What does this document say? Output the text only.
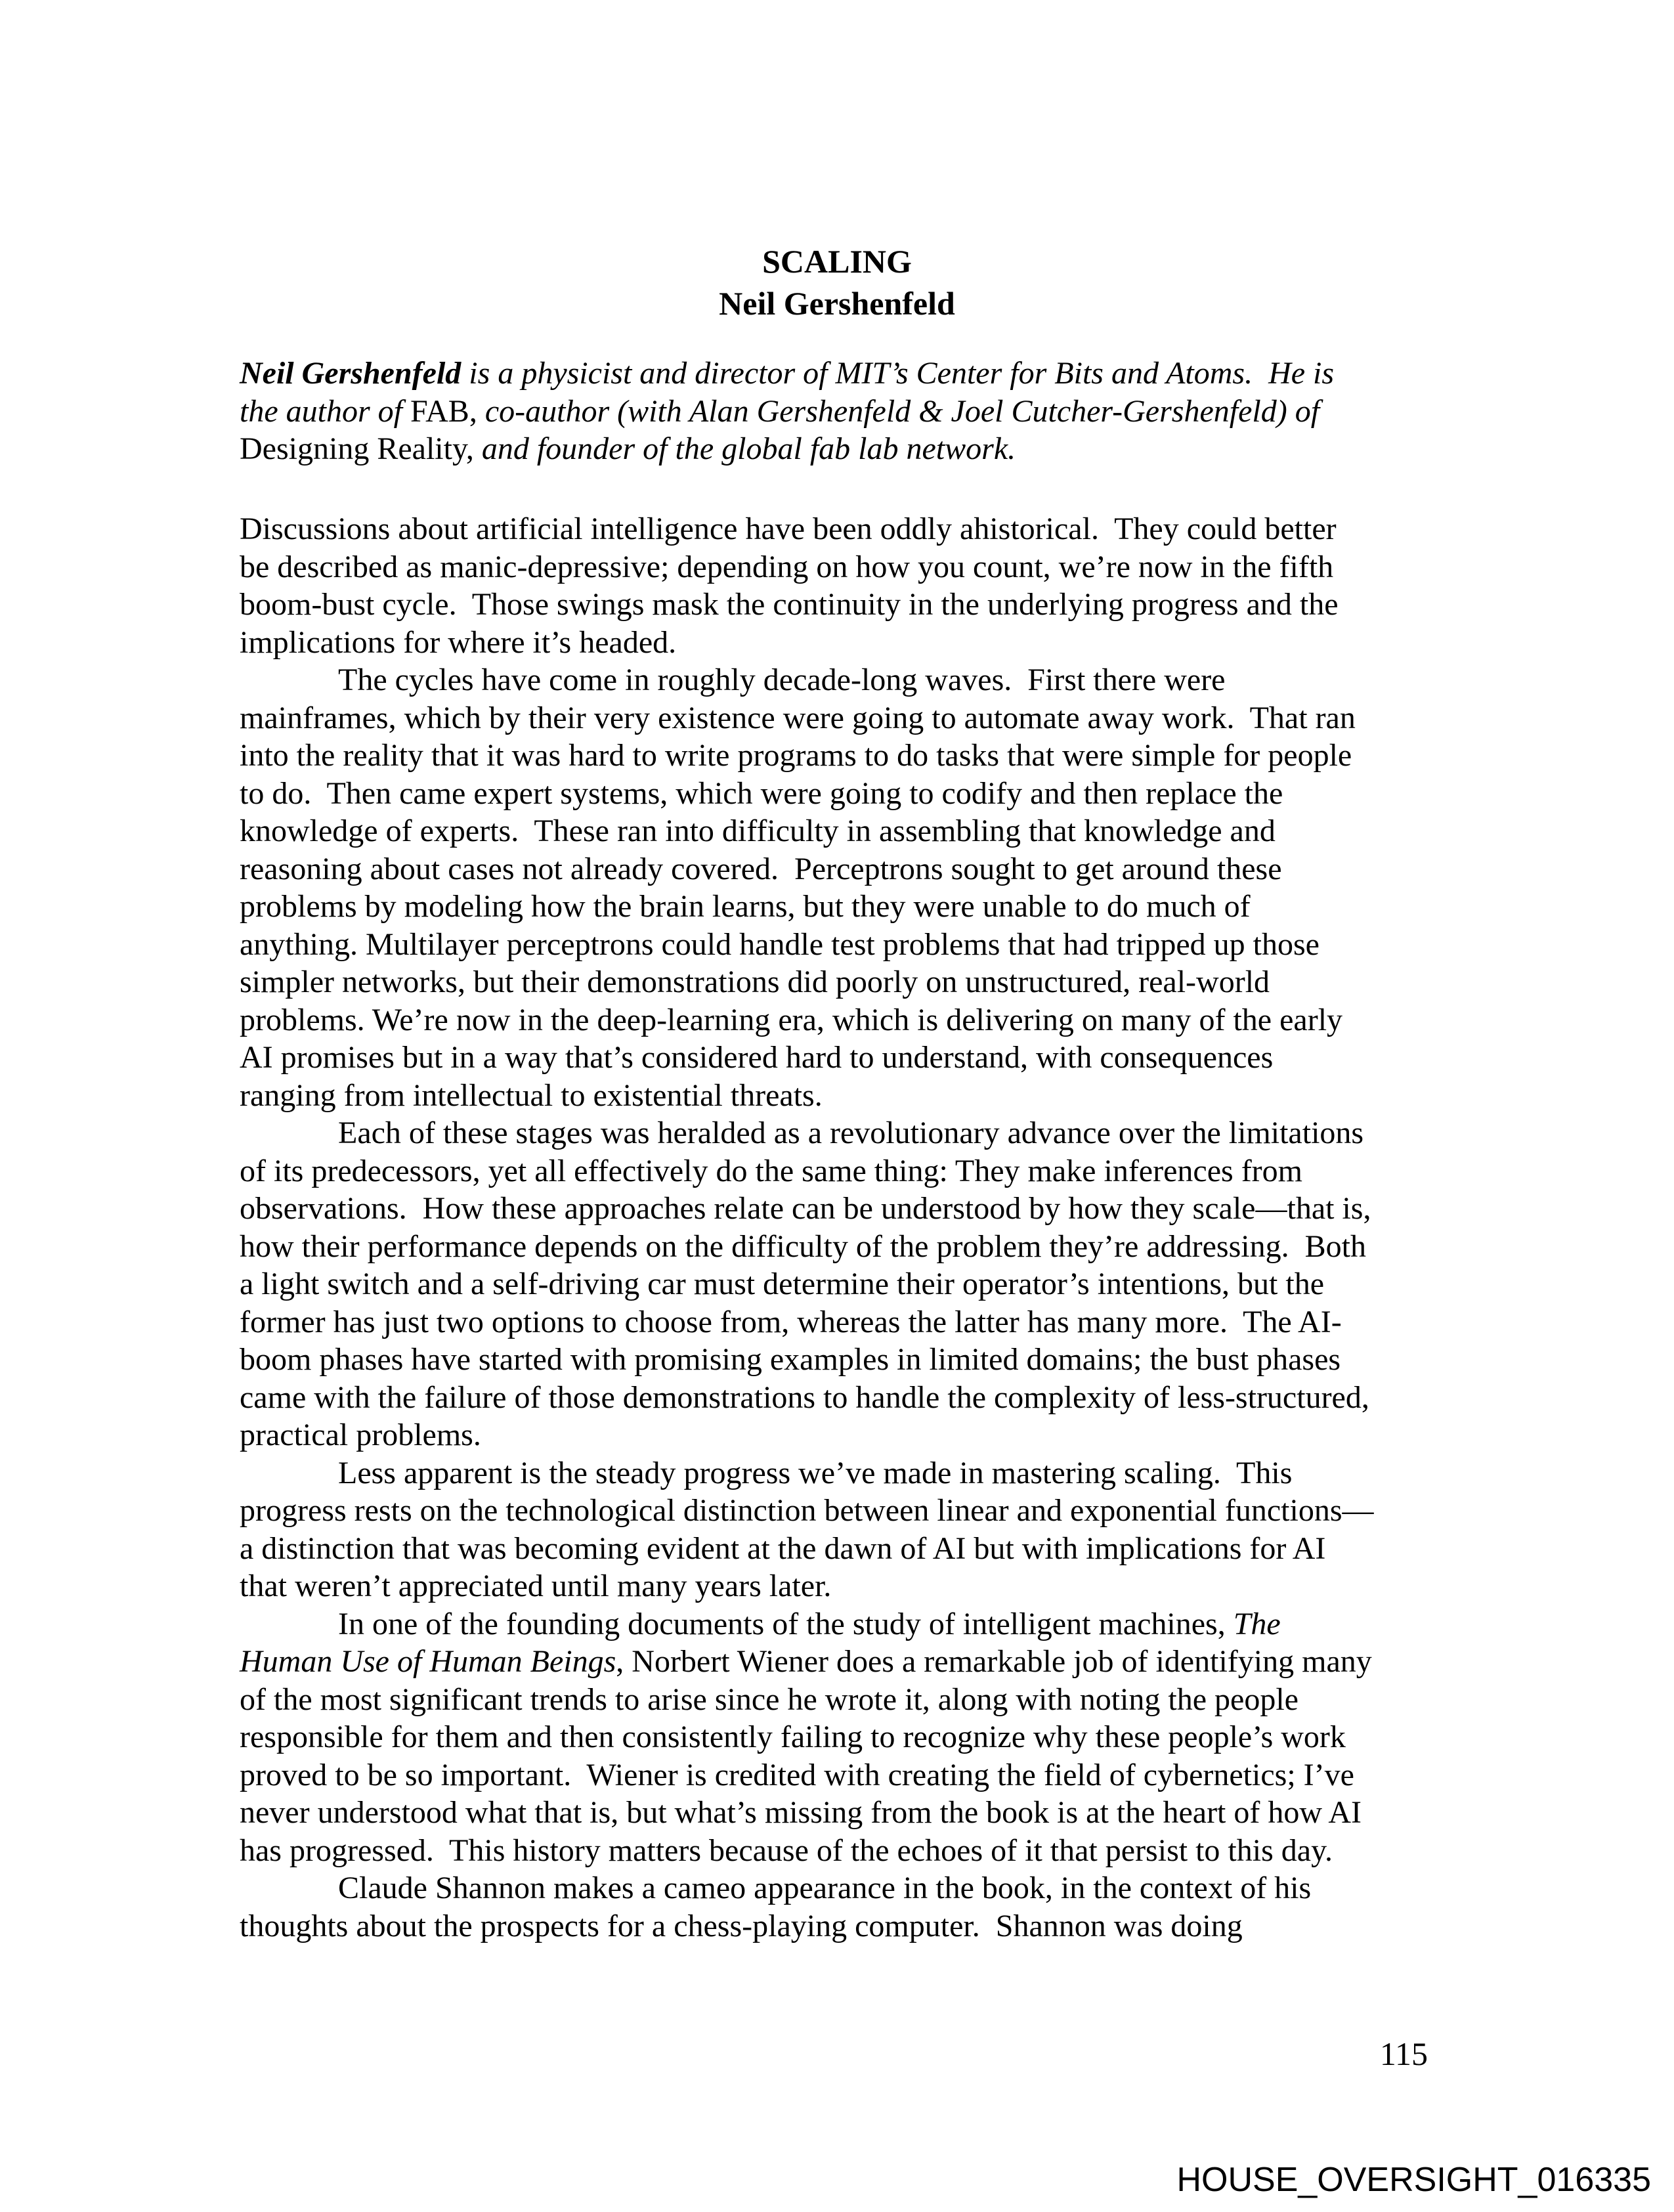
SCALING
Neil Gershenfeld
Neil Gershenfeld is a physicist and director of MIT’s Center for Bits and Atoms.  He is
the author of FAB, co-author (with Alan Gershenfeld & Joel Cutcher-Gershenfeld) of
Designing Reality, and founder of the global fab lab network.
Discussions about artificial intelligence have been oddly ahistorical.  They could better
be described as manic-depressive; depending on how you count, we’re now in the fifth
boom-bust cycle.  Those swings mask the continuity in the underlying progress and the
implications for where it’s headed.
The cycles have come in roughly decade-long waves.  First there were
mainframes, which by their very existence were going to automate away work.  That ran
into the reality that it was hard to write programs to do tasks that were simple for people
to do.  Then came expert systems, which were going to codify and then replace the
knowledge of experts.  These ran into difficulty in assembling that knowledge and
reasoning about cases not already covered.  Perceptrons sought to get around these
problems by modeling how the brain learns, but they were unable to do much of
anything. Multilayer perceptrons could handle test problems that had tripped up those
simpler networks, but their demonstrations did poorly on unstructured, real-world
problems. We’re now in the deep-learning era, which is delivering on many of the early
AI promises but in a way that’s considered hard to understand, with consequences
ranging from intellectual to existential threats.
Each of these stages was heralded as a revolutionary advance over the limitations
of its predecessors, yet all effectively do the same thing: They make inferences from
observations.  How these approaches relate can be understood by how they scale—that is,
how their performance depends on the difficulty of the problem they’re addressing.  Both
a light switch and a self-driving car must determine their operator’s intentions, but the
former has just two options to choose from, whereas the latter has many more.  The AI-
boom phases have started with promising examples in limited domains; the bust phases
came with the failure of those demonstrations to handle the complexity of less-structured,
practical problems.
Less apparent is the steady progress we’ve made in mastering scaling.  This
progress rests on the technological distinction between linear and exponential functions—
a distinction that was becoming evident at the dawn of AI but with implications for AI
that weren’t appreciated until many years later.
In one of the founding documents of the study of intelligent machines, The
Human Use of Human Beings, Norbert Wiener does a remarkable job of identifying many
of the most significant trends to arise since he wrote it, along with noting the people
responsible for them and then consistently failing to recognize why these people’s work
proved to be so important.  Wiener is credited with creating the field of cybernetics; I’ve
never understood what that is, but what’s missing from the book is at the heart of how AI
has progressed.  This history matters because of the echoes of it that persist to this day.
Claude Shannon makes a cameo appearance in the book, in the context of his
thoughts about the prospects for a chess-playing computer.  Shannon was doing
115
HOUSE_OVERSIGHT_016335
